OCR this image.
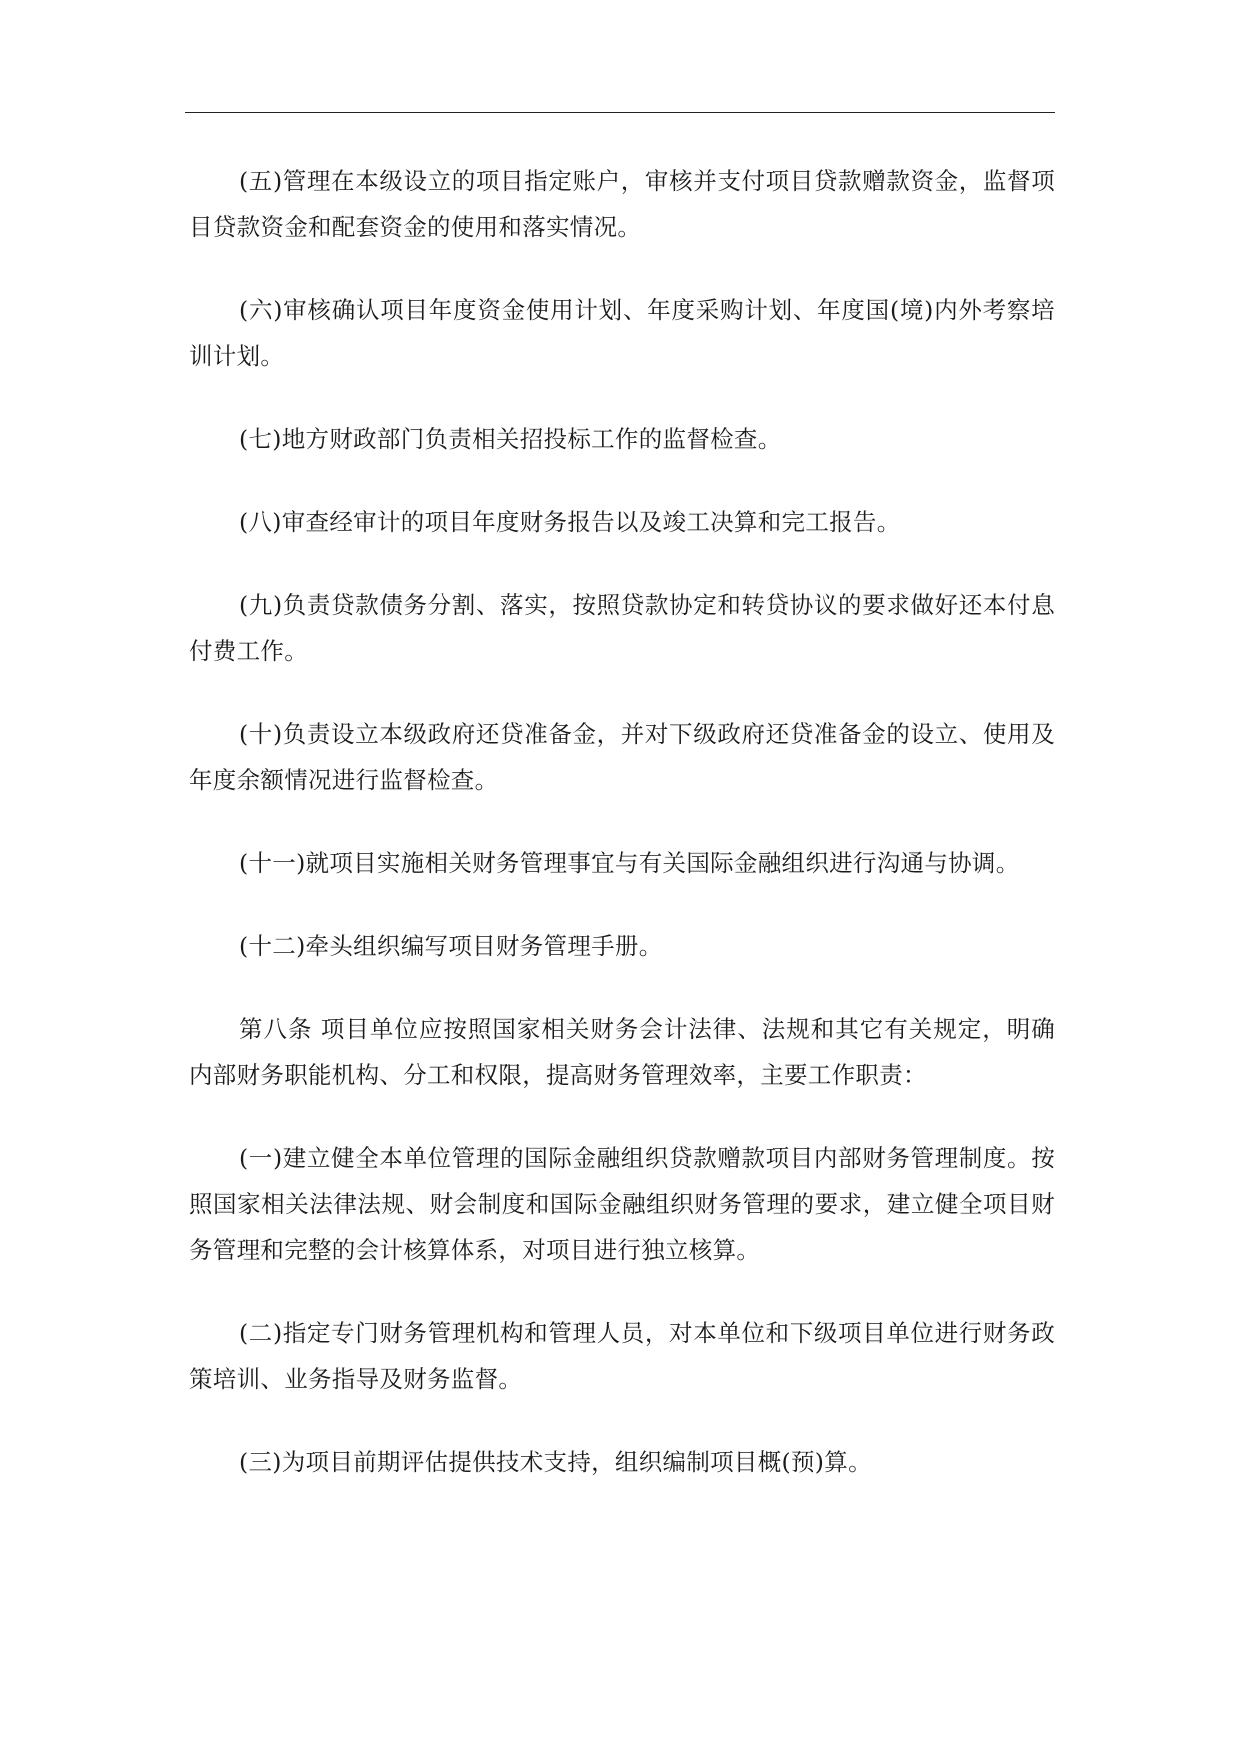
(五)管理在本级设立的项目指定账户，审核并支付项目贷款赠款资金，监督项目贷款资金和配套资金的使用和落实情况。

(六)审核确认项目年度资金使用计划、年度采购计划、年度国(境)内外考察培训计划。

(七)地方财政部门负责相关招投标工作的监督检查。

(八)审查经审计的项目年度财务报告以及竣工决算和完工报告。

(九)负责贷款债务分割、落实，按照贷款协定和转贷协议的要求做好还本付息付费工作。

(十)负责设立本级政府还贷准备金，并对下级政府还贷准备金的设立、使用及年度余额情况进行监督检查。

(十一)就项目实施相关财务管理事宜与有关国际金融组织进行沟通与协调。

(十二)牵头组织编写项目财务管理手册。

第八条 项目单位应按照国家相关财务会计法律、法规和其它有关规定，明确内部财务职能机构、分工和权限，提高财务管理效率，主要工作职责：

(一)建立健全本单位管理的国际金融组织贷款赠款项目内部财务管理制度。按照国家相关法律法规、财会制度和国际金融组织财务管理的要求，建立健全项目财务管理和完整的会计核算体系，对项目进行独立核算。

(二)指定专门财务管理机构和管理人员，对本单位和下级项目单位进行财务政策培训、业务指导及财务监督。

(三)为项目前期评估提供技术支持，组织编制项目概(预)算。
